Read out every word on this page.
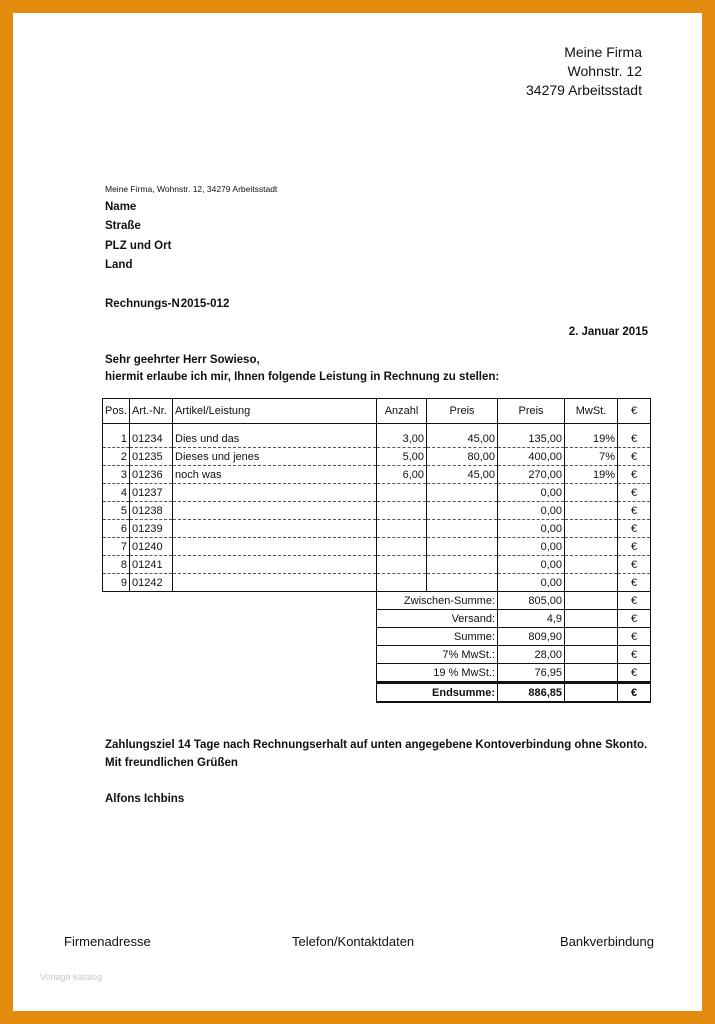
Meine Firma
Wohnstr. 12
34279 Arbeitsstadt
Meine Firma, Wohnstr. 12, 34279 Arbeitsstadt
Name
Straße
PLZ und Ort
Land
Rechnungs-N2015-012
2. Januar 2015
Sehr geehrter Herr Sowieso,
hiermit erlaube ich mir, Ihnen folgende Leistung in Rechnung zu stellen:
Pos.	Art.-Nr.	Artikel/Leistung	Anzahl	Preis	Preis	MwSt.	€

1	01234	Dies und das	3,00	45,00	135,00	19%	€
2	01235	Dieses und jenes	5,00	80,00	400,00	7%	€
3	01236	noch was	6,00	45,00	270,00	19%	€
4	01237				0,00		€
5	01238				0,00		€
6	01239				0,00		€
7	01240				0,00		€
8	01241				0,00		€
9	01242				0,00		€
Zwischen-Summe:	805,00		€
Versand:	4,9		€
Summe:	809,90		€
7% MwSt.:	28,00		€
19 % MwSt.:	76,95		€
Endsumme:	886,85		€
Zahlungsziel 14 Tage nach Rechnungserhalt auf unten angegebene Kontoverbindung ohne Skonto.
Mit freundlichen Grüßen
Alfons Ichbins
Firmenadresse	Telefon/Kontaktdaten	Bankverbindung
Vorlage katalog
